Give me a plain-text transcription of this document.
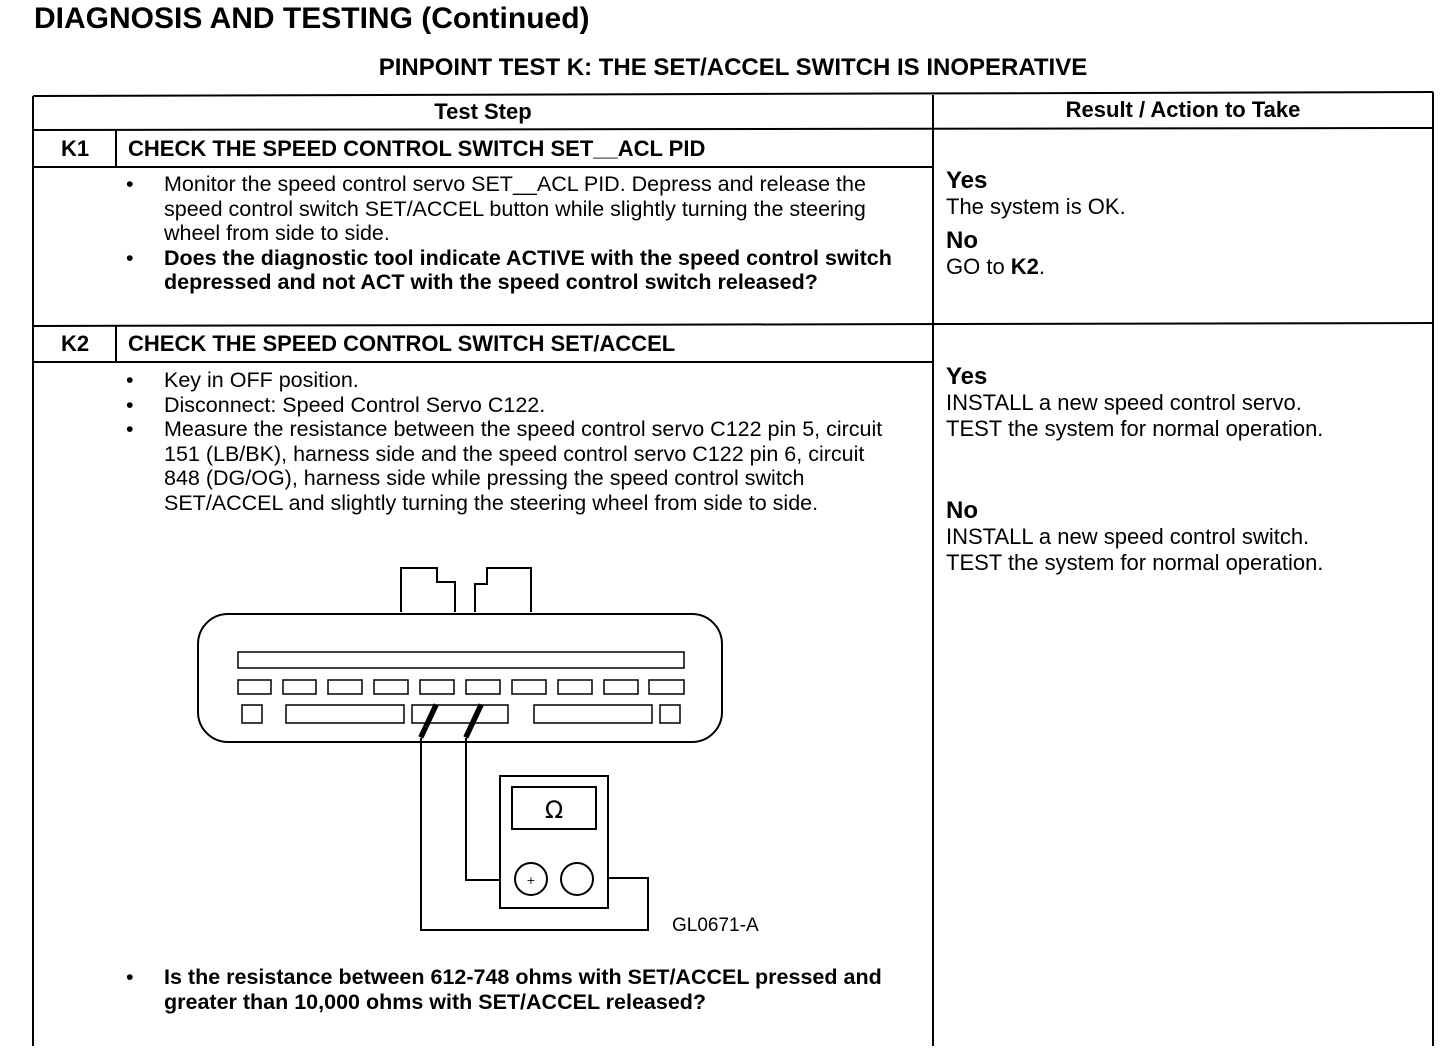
DIAGNOSIS AND TESTING (Continued)
PINPOINT TEST K: THE SET/ACCEL SWITCH IS INOPERATIVE
Test Step	Result / Action to Take
K1	CHECK THE SPEED CONTROL SWITCH SET__ACL PID
• Monitor the speed control servo SET__ACL PID. Depress and release the speed control switch SET/ACCEL button while slightly turning the steering wheel from side to side.
• Does the diagnostic tool indicate ACTIVE with the speed control switch depressed and not ACT with the speed control switch released?
Yes
The system is OK.
No
GO to K2.
K2	CHECK THE SPEED CONTROL SWITCH SET/ACCEL
• Key in OFF position.
• Disconnect: Speed Control Servo C122.
• Measure the resistance between the speed control servo C122 pin 5, circuit 151 (LB/BK), harness side and the speed control servo C122 pin 6, circuit 848 (DG/OG), harness side while pressing the speed control switch SET/ACCEL and slightly turning the steering wheel from side to side.
Yes
INSTALL a new speed control servo.
TEST the system for normal operation.
No
INSTALL a new speed control switch.
TEST the system for normal operation.
Ω
+
GL0671-A
• Is the resistance between 612-748 ohms with SET/ACCEL pressed and greater than 10,000 ohms with SET/ACCEL released?
